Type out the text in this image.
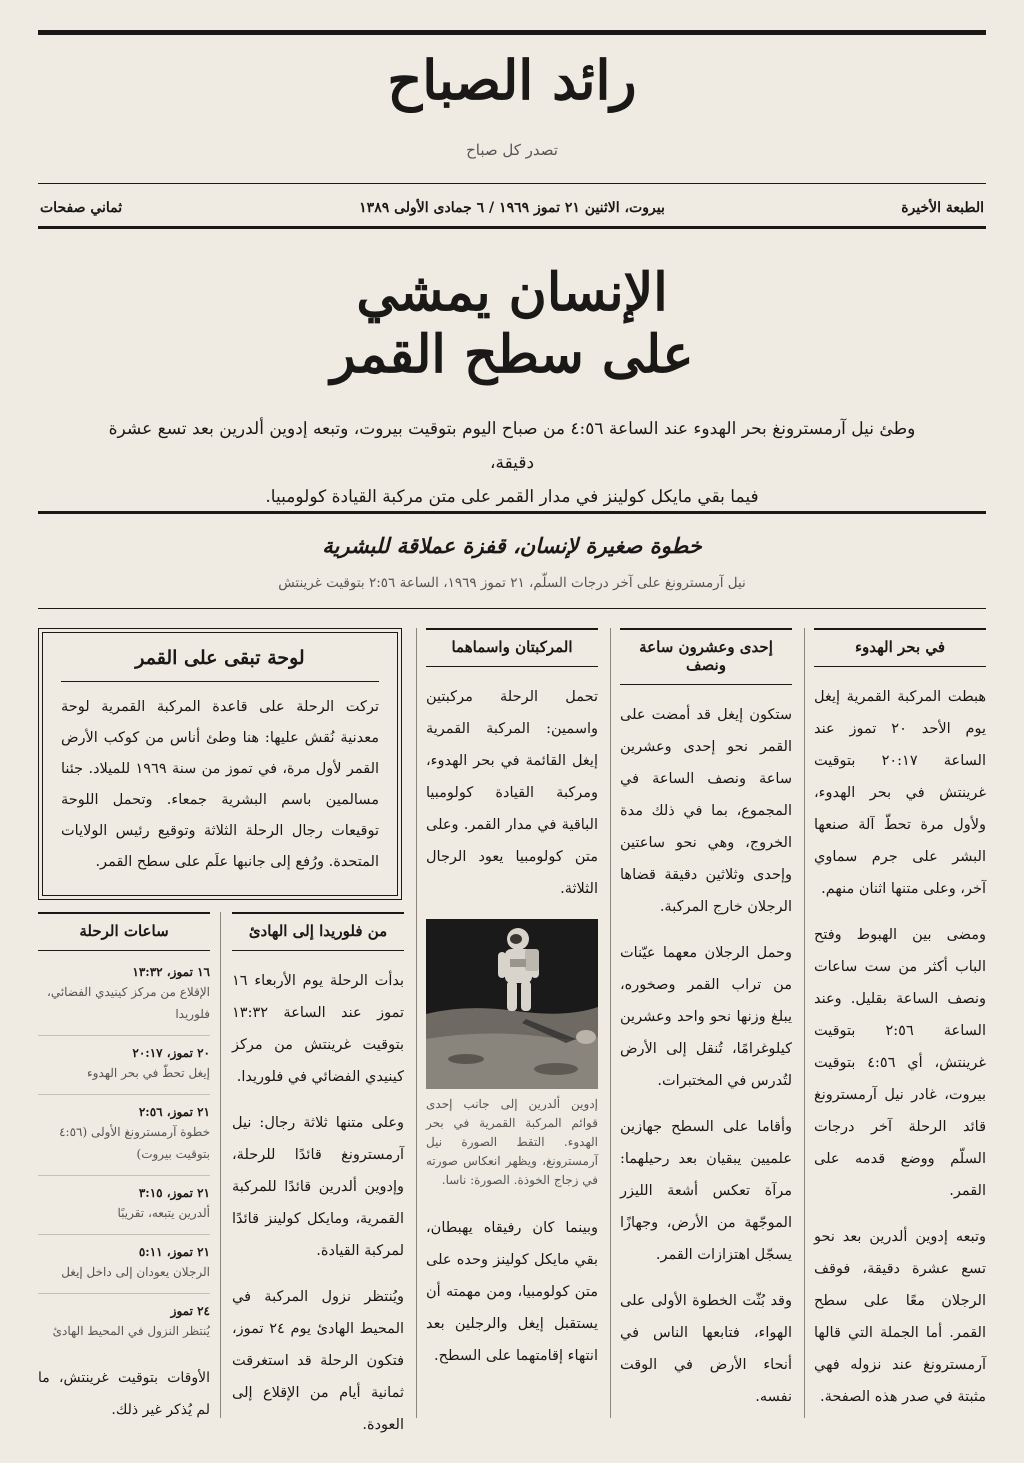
رائد الصباح
تصدر كل صباح
الطبعة الأخيرة
بيروت، الاثنين ٢١ تموز ١٩٦٩ / ٦ جمادى الأولى ١٣٨٩
ثماني صفحات
الإنسان يمشي
على سطح القمر
وطئ نيل آرمسترونغ بحر الهدوء عند الساعة ٤:٥٦ من صباح اليوم بتوقيت بيروت، وتبعه إدوين ألدرين بعد تسع عشرة دقيقة،
فيما بقي مايكل كولينز في مدار القمر على متن مركبة القيادة كولومبيا.
خطوة صغيرة لإنسان، قفزة عملاقة للبشرية
نيل آرمسترونغ على آخر درجات السلّم، ٢١ تموز ١٩٦٩، الساعة ٢:٥٦ بتوقيت غرينتش
في بحر الهدوء

هبطت المركبة القمرية إيغل يوم الأحد ٢٠ تموز عند الساعة ٢٠:١٧ بتوقيت غرينتش في بحر الهدوء، ولأول مرة تحطّ آلة صنعها البشر على جرم سماوي آخر، وعلى متنها اثنان منهم.

ومضى بين الهبوط وفتح الباب أكثر من ست ساعات ونصف الساعة بقليل. وعند الساعة ٢:٥٦ بتوقيت غرينتش، أي ٤:٥٦ بتوقيت بيروت، غادر نيل آرمسترونغ قائد الرحلة آخر درجات السلّم ووضع قدمه على القمر.

وتبعه إدوين ألدرين بعد نحو تسع عشرة دقيقة، فوقف الرجلان معًا على سطح القمر. أما الجملة التي قالها آرمسترونغ عند نزوله فهي مثبتة في صدر هذه الصفحة.

إحدى وعشرون ساعة ونصف

ستكون إيغل قد أمضت على القمر نحو إحدى وعشرين ساعة ونصف الساعة في المجموع، بما في ذلك مدة الخروج، وهي نحو ساعتين وإحدى وثلاثين دقيقة قضاها الرجلان خارج المركبة.

وحمل الرجلان معهما عيّنات من تراب القمر وصخوره، يبلغ وزنها نحو واحد وعشرين كيلوغرامًا، تُنقل إلى الأرض لتُدرس في المختبرات.

وأقاما على السطح جهازين علميين يبقيان بعد رحيلهما: مرآة تعكس أشعة الليزر الموجّهة من الأرض، وجهازًا يسجّل اهتزازات القمر.

وقد بُثّت الخطوة الأولى على الهواء، فتابعها الناس في أنحاء الأرض في الوقت نفسه.

المركبتان واسماهما

تحمل الرحلة مركبتين واسمين: المركبة القمرية إيغل القائمة في بحر الهدوء، ومركبة القيادة كولومبيا الباقية في مدار القمر. وعلى متن كولومبيا يعود الرجال الثلاثة.

إدوين ألدرين إلى جانب إحدى قوائم المركبة القمرية في بحر الهدوء. التقط الصورة نيل آرمسترونغ، ويظهر انعكاس صورته في زجاج الخوذة. الصورة: ناسا.

وبينما كان رفيقاه يهبطان، بقي مايكل كولينز وحده على متن كولومبيا، ومن مهمته أن يستقبل إيغل والرجلين بعد انتهاء إقامتهما على السطح.

لوحة تبقى على القمر
تركت الرحلة على قاعدة المركبة القمرية لوحة معدنية نُقش عليها: هنا وطئ أناس من كوكب الأرض القمر لأول مرة، في تموز من سنة ١٩٦٩ للميلاد. جئنا مسالمين باسم البشرية جمعاء. وتحمل اللوحة توقيعات رجال الرحلة الثلاثة وتوقيع رئيس الولايات المتحدة. ورُفع إلى جانبها علَم على سطح القمر.
من فلوريدا إلى الهادئ

بدأت الرحلة يوم الأربعاء ١٦ تموز عند الساعة ١٣:٣٢ بتوقيت غرينتش من مركز كينيدي الفضائي في فلوريدا.

وعلى متنها ثلاثة رجال: نيل آرمسترونغ قائدًا للرحلة، وإدوين ألدرين قائدًا للمركبة القمرية، ومايكل كولينز قائدًا لمركبة القيادة.

ويُنتظر نزول المركبة في المحيط الهادئ يوم ٢٤ تموز، فتكون الرحلة قد استغرقت ثمانية أيام من الإقلاع إلى العودة.

ساعات الرحلة
١٦ تموز، ١٣:٣٢
الإقلاع من مركز كينيدي الفضائي، فلوريدا
٢٠ تموز، ٢٠:١٧
إيغل تحطّ في بحر الهدوء
٢١ تموز، ٢:٥٦
خطوة آرمسترونغ الأولى (٤:٥٦ بتوقيت بيروت)
٢١ تموز، ٣:١٥
ألدرين يتبعه، تقريبًا
٢١ تموز، ٥:١١
الرجلان يعودان إلى داخل إيغل
٢٤ تموز
يُنتظر النزول في المحيط الهادئ
الأوقات بتوقيت غرينتش، ما لم يُذكر غير ذلك.
